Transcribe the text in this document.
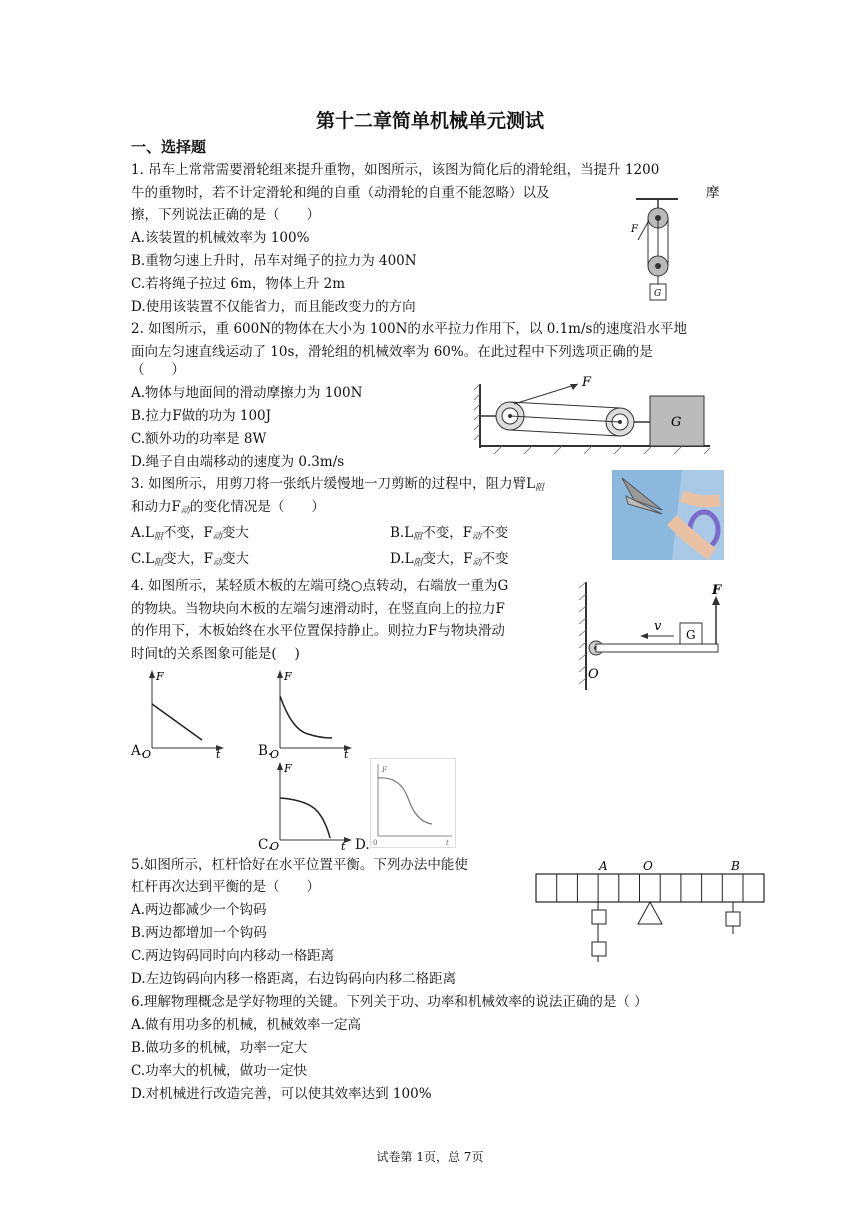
第十二章简单机械单元测试
一、选择题
1. 吊车上常常需要滑轮组来提升重物，如图所示，该图为简化后的滑轮组，当提升 1200
牛的重物时，若不计定滑轮和绳的自重（动滑轮的自重不能忽略）以及	摩
擦，下列说法正确的是（　　）
A.该装置的机械效率为 100%
B.重物匀速上升时，吊车对绳子的拉力为 400N
C.若将绳子拉过 6m，物体上升 2m
D.使用该装置不仅能省力，而且能改变力的方向
F
G
2. 如图所示，重 600N的物体在大小为 100N的水平拉力作用下，以 0.1m/s的速度沿水平地
面向左匀速直线运动了 10s，滑轮组的机械效率为 60%。在此过程中下列选项正确的是
（　　）
A.物体与地面间的滑动摩擦力为 100N
B.拉力F做的功为 100J
C.额外功的功率是 8W
D.绳子自由端移动的速度为 0.3m/s
F
G
3. 如图所示，用剪刀将一张纸片缓慢地一刀剪断的过程中，阻力臂L阻
和动力F动的变化情况是（　　）
A.L阻不变，F动变大	B.L阻不变，F动不变
C.L阻变大，F动变大	D.L阻变大，F动不变
4. 如图所示，某轻质木板的左端可绕○点转动，右端放一重为G
的物块。当物块向木板的左端匀速滑动时，在竖直向上的拉力F
的作用下，木板始终在水平位置保持静止。则拉力F与物块滑动
时间t的关系图象可能是(　 )
F
v
G
O
A.
F
O	t	B.
F
O	t
C.
F
O	t D.
F
0	t
5.如图所示，杠杆恰好在水平位置平衡。下列办法中能使
杠杆再次达到平衡的是（　　）
A.两边都减少一个钩码
B.两边都增加一个钩码
C.两边钩码同时向内移动一格距离
D.左边钩码向内移一格距离，右边钩码向内移二格距离
A	O	B
6.理解物理概念是学好物理的关键。下列关于功、功率和机械效率的说法正确的是（ ）
A.做有用功多的机械，机械效率一定高
B.做功多的机械，功率一定大
C.功率大的机械，做功一定快
D.对机械进行改造完善，可以使其效率达到 100%
试卷第 1页，总 7页
